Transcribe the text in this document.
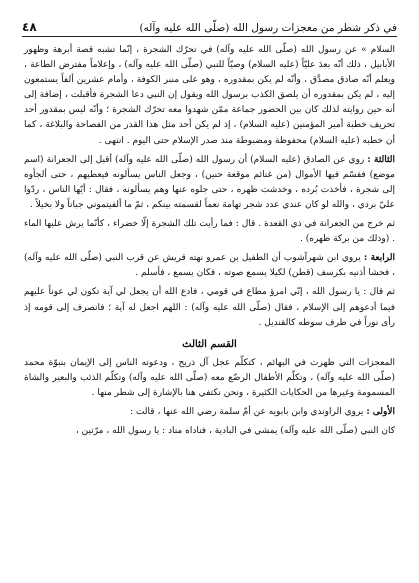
في ذكر شطر من معجزات رسول الله (صلّى الله عليه وآله)
٤٨

السلام » عن رسول الله (صلّى الله عليه وآله) في تحرّك الشجرة ، إنّما تشبه قصة أبرهة وظهور الأبابيل ، ذلك أنّه بعدَ عليّاً (عليه السلام) وصيّاً للنبي (صلّى الله عليه وآله) ، وإعلاماً مفترض الطاعة ، ويعلم أنّه صادق مصدَّق ، وأنّه لم يكن بمقدوره ، وهو على منبر الكوفة ، وأمام عشرين ألفاً يستمعون إليه ، لم يكن بمقدوره أن يلصق الكذب برسول الله ويقول إن النبي دعا الشجرة فأقبلت ، إضافة إلى أنه حين روايته لذلك كان بين الحضور جماعة ممّن شهدوا معه تحرّك الشجرة ؛ وأنّه ليس بمقدور أحد تحريف خطبة أمير المؤمنين (عليه السلام) ، إذ لم يكن أحد مثل هذا القدر من الفصاحة والبلاغة ، كما أن خطبه (عليه السلام) محفوظة ومضبوطة منذ صدر الإسلام حتى اليوم . انتهى .

الثالثة : روي عن الصادق (عليه السلام) أن رسول الله (صلّى الله عليه وآله) أقبل إلى الجعرانة (اسم موضع) فقسّم فيها الأموال (من غنائم موقعة حنين) ، وجعل الناس يسألونه فيعطيهم ، حتى ألجأوه إلى شجرة ، فأخذت بُرده ، وخدشت ظهره ، حتى جلوه عنها وهم يسألونه ، فقال : أيّها الناس ، ردّوا عليّ بردي ، والله لو كان عندي عدد شجر تهامة نعماً لقسمته بينكم ، ثمّ ما ألفيتموني جباناً ولا بخيلاً .

ثم خرج من الجعرانة في ذي القعدة . قال : فما رأيت تلك الشجرة إلّا خضراء ، كأنّما يرش عليها الماء . (وذلك من بركة ظهره) .

الرابعة : يروي ابن شهرآشوب أن الطفيل بن عمرو نهته قريش عن قرب النبي (صلّى الله عليه وآله) ، فحشا أذنيه بكرسف (قطن) لكيلا يسمع صوته ، فكان يسمع ، فأسلم .

ثم قال : يا رسول الله ، إنّي امرؤ مطاع في قومي ، فادع الله أن يجعل لي آية تكون لي عوناً عليهم فيما أدعوهم إلى الإسلام ، فقال (صلّى الله عليه وآله) : اللهم اجعل له آية ؛ فانصرف إلى قومه إذ رأى نوراً في طرف سوطه كالقنديل .

القسم الثالث

المعجزات التي ظهرت في البهائم ، كتكلّم عجل آل ذريح ، ودعوته الناس إلى الإيمان بنبوّة محمد (صلّى الله عليه وآله) ، وتكلّم الأطفال الرضّع معه (صلّى الله عليه وآله) وتكلّم الذئب والبعير والشاة المسمومة وغيرها من الحكايات الكثيرة ، ونحن نكتفي هنا بالإشارة إلى شطر منها .

الأولى : يروي الراوندي وابن بابويه عن أمّ سلمة رضي الله عنها ، قالت :

كان النبي (صلّى الله عليه وآله) يمشي في البادية ، فناداه مناد : يا رسول الله ، مرّتين ،
